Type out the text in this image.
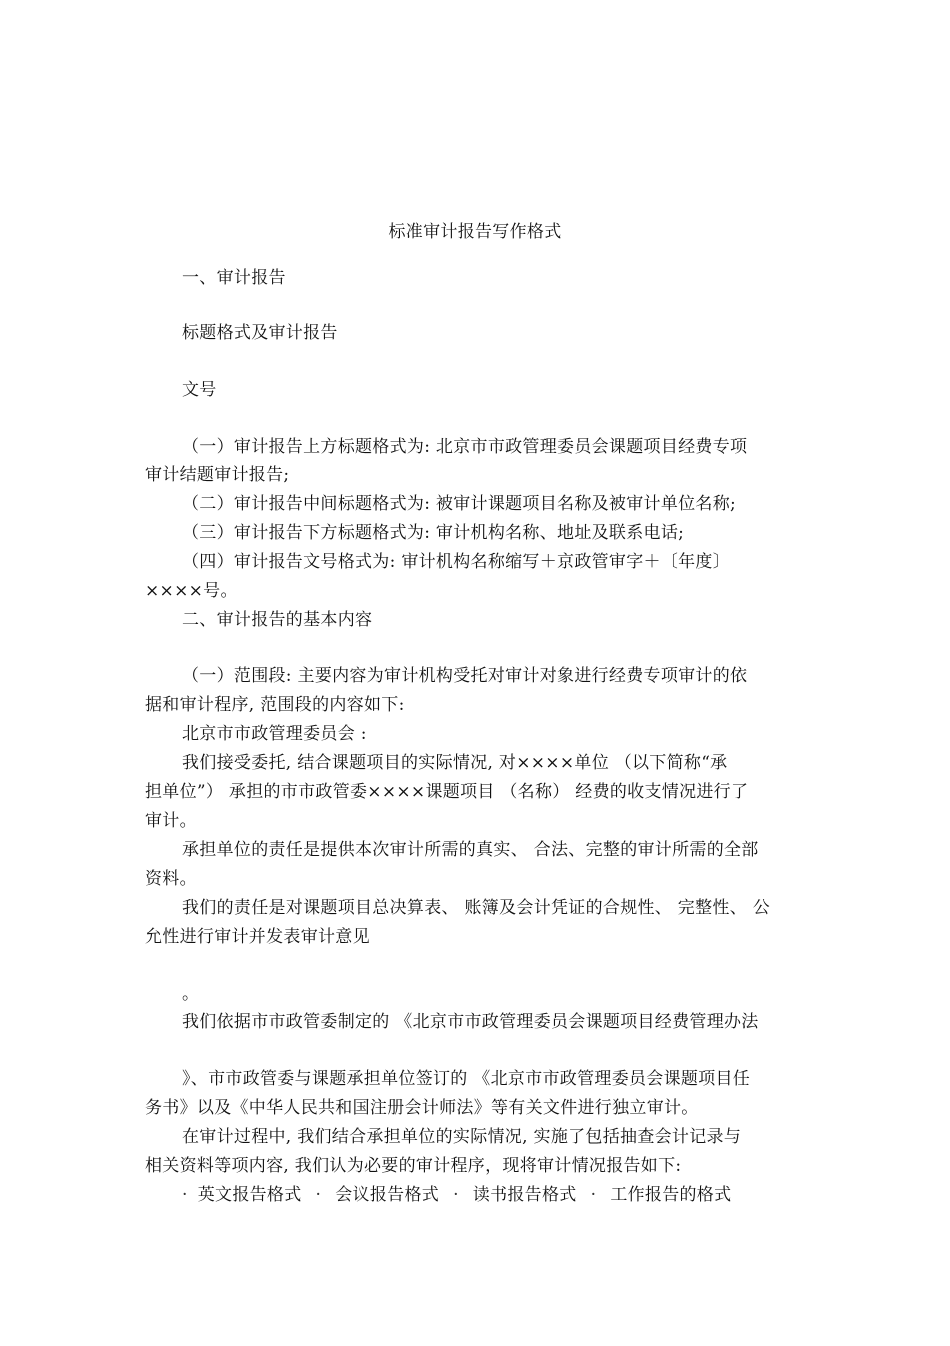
标准审计报告写作格式
一、审计报告
标题格式及审计报告
文号
（一）审计报告上方标题格式为: 北京市市政管理委员会课题项目经费专项
审计结题审计报告;
（二）审计报告中间标题格式为: 被审计课题项目名称及被审计单位名称;
（三）审计报告下方标题格式为: 审计机构名称、地址及联系电话;
（四）审计报告文号格式为: 审计机构名称缩写＋京政管审字＋〔年度〕
××××号。
二、审计报告的基本内容
（一）范围段: 主要内容为审计机构受托对审计对象进行经费专项审计的依
据和审计程序, 范围段的内容如下:
北京市市政管理委员会 :
我们接受委托, 结合课题项目的实际情况, 对××××单位 （以下简称“承
担单位”） 承担的市市政管委××××课题项目 （名称） 经费的收支情况进行了
审计。
承担单位的责任是提供本次审计所需的真实、 合法、完整的审计所需的全部
资料。
我们的责任是对课题项目总决算表、 账簿及会计凭证的合规性、 完整性、 公
允性进行审计并发表审计意见
。
我们依据市市政管委制定的 《北京市市政管理委员会课题项目经费管理办法
》、市市政管委与课题承担单位签订的 《北京市市政管理委员会课题项目任
务书》以及《中华人民共和国注册会计师法》等有关文件进行独立审计。
在审计过程中, 我们结合承担单位的实际情况, 实施了包括抽查会计记录与
相关资料等项内容, 我们认为必要的审计程序，现将审计情况报告如下:
· 英文报告格式 · 会议报告格式 · 读书报告格式 · 工作报告的格式
